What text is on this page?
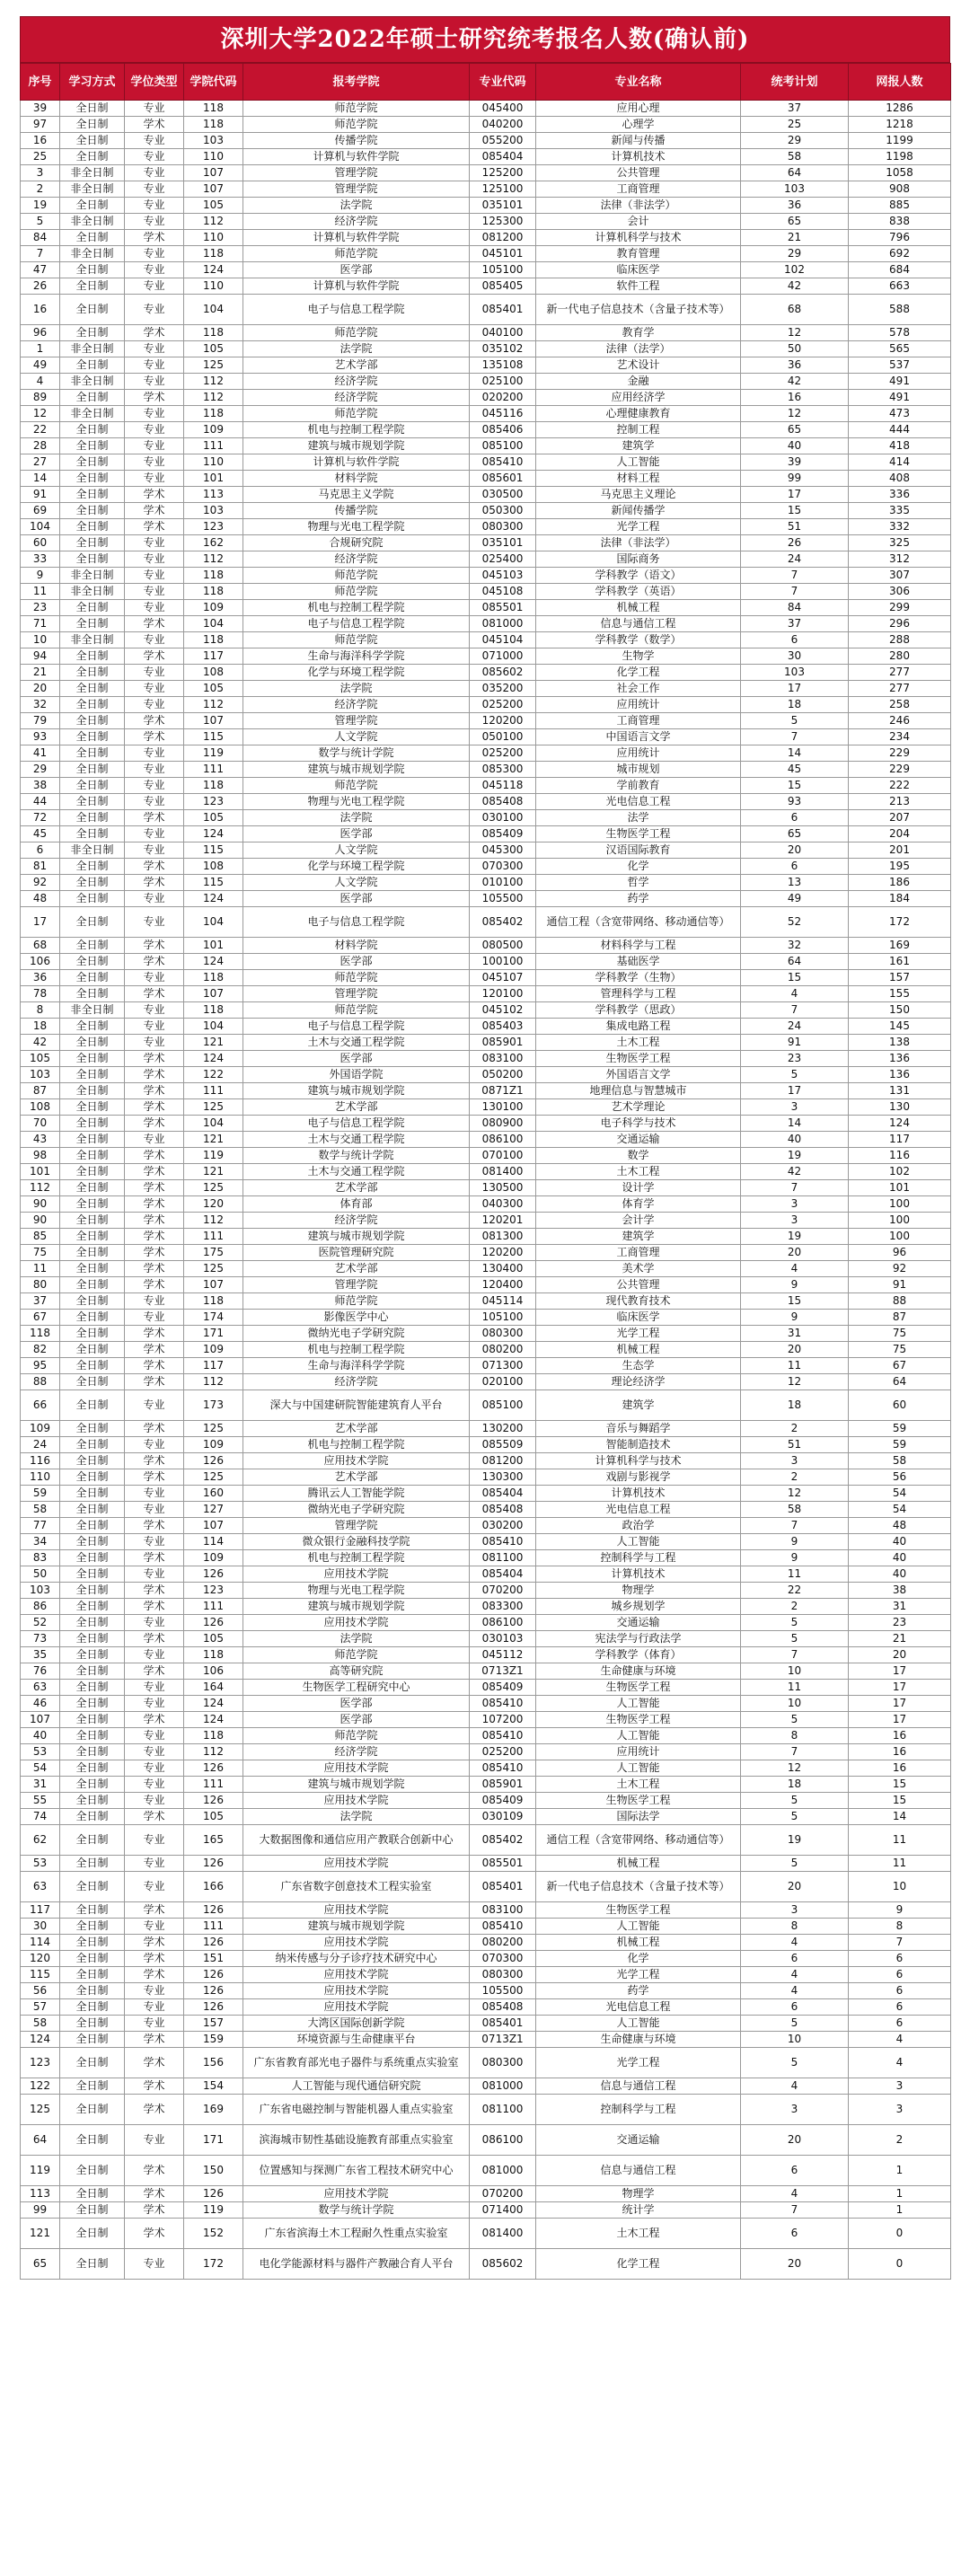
深圳大学2022年硕士研究统考报名人数(确认前)
序号	学习方式	学位类型	学院代码	报考学院	专业代码	专业名称	统考计划	网报人数
39	全日制	专业	118	师范学院	045400	应用心理	37	1286
97	全日制	学术	118	师范学院	040200	心理学	25	1218
16	全日制	专业	103	传播学院	055200	新闻与传播	29	1199
25	全日制	专业	110	计算机与软件学院	085404	计算机技术	58	1198
3	非全日制	专业	107	管理学院	125200	公共管理	64	1058
2	非全日制	专业	107	管理学院	125100	工商管理	103	908
19	全日制	专业	105	法学院	035101	法律（非法学）	36	885
5	非全日制	专业	112	经济学院	125300	会计	65	838
84	全日制	学术	110	计算机与软件学院	081200	计算机科学与技术	21	796
7	非全日制	专业	118	师范学院	045101	教育管理	29	692
47	全日制	专业	124	医学部	105100	临床医学	102	684
26	全日制	专业	110	计算机与软件学院	085405	软件工程	42	663
16	全日制	专业	104	电子与信息工程学院	085401	新一代电子信息技术（含量子技术等）	68	588
96	全日制	学术	118	师范学院	040100	教育学	12	578
1	非全日制	专业	105	法学院	035102	法律（法学）	50	565
49	全日制	专业	125	艺术学部	135108	艺术设计	36	537
4	非全日制	专业	112	经济学院	025100	金融	42	491
89	全日制	学术	112	经济学院	020200	应用经济学	16	491
12	非全日制	专业	118	师范学院	045116	心理健康教育	12	473
22	全日制	专业	109	机电与控制工程学院	085406	控制工程	65	444
28	全日制	专业	111	建筑与城市规划学院	085100	建筑学	40	418
27	全日制	专业	110	计算机与软件学院	085410	人工智能	39	414
14	全日制	专业	101	材料学院	085601	材料工程	99	408
91	全日制	学术	113	马克思主义学院	030500	马克思主义理论	17	336
69	全日制	学术	103	传播学院	050300	新闻传播学	15	335
104	全日制	学术	123	物理与光电工程学院	080300	光学工程	51	332
60	全日制	专业	162	合规研究院	035101	法律（非法学）	26	325
33	全日制	专业	112	经济学院	025400	国际商务	24	312
9	非全日制	专业	118	师范学院	045103	学科教学（语文）	7	307
11	非全日制	专业	118	师范学院	045108	学科教学（英语）	7	306
23	全日制	专业	109	机电与控制工程学院	085501	机械工程	84	299
71	全日制	学术	104	电子与信息工程学院	081000	信息与通信工程	37	296
10	非全日制	专业	118	师范学院	045104	学科教学（数学）	6	288
94	全日制	学术	117	生命与海洋科学学院	071000	生物学	30	280
21	全日制	专业	108	化学与环境工程学院	085602	化学工程	103	277
20	全日制	专业	105	法学院	035200	社会工作	17	277
32	全日制	专业	112	经济学院	025200	应用统计	18	258
79	全日制	学术	107	管理学院	120200	工商管理	5	246
93	全日制	学术	115	人文学院	050100	中国语言文学	7	234
41	全日制	专业	119	数学与统计学院	025200	应用统计	14	229
29	全日制	专业	111	建筑与城市规划学院	085300	城市规划	45	229
38	全日制	专业	118	师范学院	045118	学前教育	15	222
44	全日制	专业	123	物理与光电工程学院	085408	光电信息工程	93	213
72	全日制	学术	105	法学院	030100	法学	6	207
45	全日制	专业	124	医学部	085409	生物医学工程	65	204
6	非全日制	专业	115	人文学院	045300	汉语国际教育	20	201
81	全日制	学术	108	化学与环境工程学院	070300	化学	6	195
92	全日制	学术	115	人文学院	010100	哲学	13	186
48	全日制	专业	124	医学部	105500	药学	49	184
17	全日制	专业	104	电子与信息工程学院	085402	通信工程（含宽带网络、移动通信等）	52	172
68	全日制	学术	101	材料学院	080500	材料科学与工程	32	169
106	全日制	学术	124	医学部	100100	基础医学	64	161
36	全日制	专业	118	师范学院	045107	学科教学（生物）	15	157
78	全日制	学术	107	管理学院	120100	管理科学与工程	4	155
8	非全日制	专业	118	师范学院	045102	学科教学（思政）	7	150
18	全日制	专业	104	电子与信息工程学院	085403	集成电路工程	24	145
42	全日制	专业	121	土木与交通工程学院	085901	土木工程	91	138
105	全日制	学术	124	医学部	083100	生物医学工程	23	136
103	全日制	学术	122	外国语学院	050200	外国语言文学	5	136
87	全日制	学术	111	建筑与城市规划学院	0871Z1	地理信息与智慧城市	17	131
108	全日制	学术	125	艺术学部	130100	艺术学理论	3	130
70	全日制	学术	104	电子与信息工程学院	080900	电子科学与技术	14	124
43	全日制	专业	121	土木与交通工程学院	086100	交通运输	40	117
98	全日制	学术	119	数学与统计学院	070100	数学	19	116
101	全日制	学术	121	土木与交通工程学院	081400	土木工程	42	102
112	全日制	学术	125	艺术学部	130500	设计学	7	101
90	全日制	学术	120	体育部	040300	体育学	3	100
90	全日制	学术	112	经济学院	120201	会计学	3	100
85	全日制	学术	111	建筑与城市规划学院	081300	建筑学	19	100
75	全日制	学术	175	医院管理研究院	120200	工商管理	20	96
11	全日制	学术	125	艺术学部	130400	美术学	4	92
80	全日制	学术	107	管理学院	120400	公共管理	9	91
37	全日制	专业	118	师范学院	045114	现代教育技术	15	88
67	全日制	专业	174	影像医学中心	105100	临床医学	9	87
118	全日制	学术	171	微纳光电子学研究院	080300	光学工程	31	75
82	全日制	学术	109	机电与控制工程学院	080200	机械工程	20	75
95	全日制	学术	117	生命与海洋科学学院	071300	生态学	11	67
88	全日制	学术	112	经济学院	020100	理论经济学	12	64
66	全日制	专业	173	深大与中国建研院智能建筑育人平台	085100	建筑学	18	60
109	全日制	学术	125	艺术学部	130200	音乐与舞蹈学	2	59
24	全日制	专业	109	机电与控制工程学院	085509	智能制造技术	51	59
116	全日制	学术	126	应用技术学院	081200	计算机科学与技术	3	58
110	全日制	学术	125	艺术学部	130300	戏剧与影视学	2	56
59	全日制	专业	160	腾讯云人工智能学院	085404	计算机技术	12	54
58	全日制	专业	127	微纳光电子学研究院	085408	光电信息工程	58	54
77	全日制	学术	107	管理学院	030200	政治学	7	48
34	全日制	专业	114	微众银行金融科技学院	085410	人工智能	9	40
83	全日制	学术	109	机电与控制工程学院	081100	控制科学与工程	9	40
50	全日制	专业	126	应用技术学院	085404	计算机技术	11	40
103	全日制	学术	123	物理与光电工程学院	070200	物理学	22	38
86	全日制	学术	111	建筑与城市规划学院	083300	城乡规划学	2	31
52	全日制	专业	126	应用技术学院	086100	交通运输	5	23
73	全日制	学术	105	法学院	030103	宪法学与行政法学	5	21
35	全日制	专业	118	师范学院	045112	学科教学（体育）	7	20
76	全日制	学术	106	高等研究院	0713Z1	生命健康与环境	10	17
63	全日制	专业	164	生物医学工程研究中心	085409	生物医学工程	11	17
46	全日制	专业	124	医学部	085410	人工智能	10	17
107	全日制	学术	124	医学部	107200	生物医学工程	5	17
40	全日制	专业	118	师范学院	085410	人工智能	8	16
53	全日制	专业	112	经济学院	025200	应用统计	7	16
54	全日制	专业	126	应用技术学院	085410	人工智能	12	16
31	全日制	专业	111	建筑与城市规划学院	085901	土木工程	18	15
55	全日制	专业	126	应用技术学院	085409	生物医学工程	5	15
74	全日制	学术	105	法学院	030109	国际法学	5	14
62	全日制	专业	165	大数据图像和通信应用产教联合创新中心	085402	通信工程（含宽带网络、移动通信等）	19	11
53	全日制	专业	126	应用技术学院	085501	机械工程	5	11
63	全日制	专业	166	广东省数字创意技术工程实验室	085401	新一代电子信息技术（含量子技术等）	20	10
117	全日制	学术	126	应用技术学院	083100	生物医学工程	3	9
30	全日制	专业	111	建筑与城市规划学院	085410	人工智能	8	8
114	全日制	学术	126	应用技术学院	080200	机械工程	4	7
120	全日制	学术	151	纳米传感与分子诊疗技术研究中心	070300	化学	6	6
115	全日制	学术	126	应用技术学院	080300	光学工程	4	6
56	全日制	专业	126	应用技术学院	105500	药学	4	6
57	全日制	专业	126	应用技术学院	085408	光电信息工程	6	6
58	全日制	专业	157	大湾区国际创新学院	085401	人工智能	5	6
124	全日制	学术	159	环境资源与生命健康平台	0713Z1	生命健康与环境	10	4
123	全日制	学术	156	广东省教育部光电子器件与系统重点实验室	080300	光学工程	5	4
122	全日制	学术	154	人工智能与现代通信研究院	081000	信息与通信工程	4	3
125	全日制	学术	169	广东省电磁控制与智能机器人重点实验室	081100	控制科学与工程	3	3
64	全日制	专业	171	滨海城市韧性基础设施教育部重点实验室	086100	交通运输	20	2
119	全日制	学术	150	位置感知与探测广东省工程技术研究中心	081000	信息与通信工程	6	1
113	全日制	学术	126	应用技术学院	070200	物理学	4	1
99	全日制	学术	119	数学与统计学院	071400	统计学	7	1
121	全日制	学术	152	广东省滨海土木工程耐久性重点实验室	081400	土木工程	6	0
65	全日制	专业	172	电化学能源材料与器件产教融合育人平台	085602	化学工程	20	0
